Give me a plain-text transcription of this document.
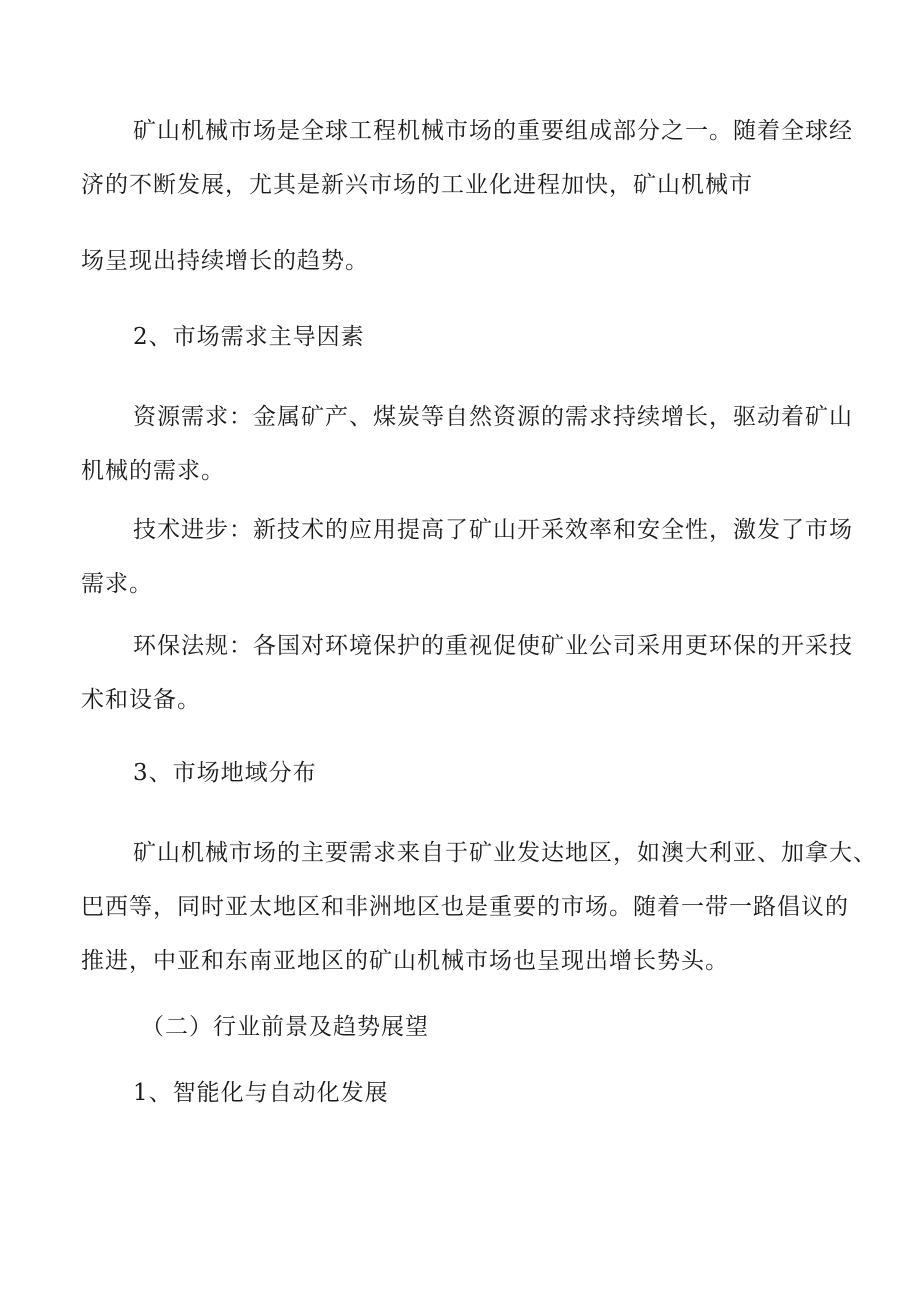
矿山机械市场是全球工程机械市场的重要组成部分之一。随着全球经
济的不断发展，尤其是新兴市场的工业化进程加快，矿山机械市
场呈现出持续增长的趋势。
2、市场需求主导因素
资源需求：金属矿产、煤炭等自然资源的需求持续增长，驱动着矿山
机械的需求。
技术进步：新技术的应用提高了矿山开采效率和安全性，激发了市场
需求。
环保法规：各国对环境保护的重视促使矿业公司采用更环保的开采技
术和设备。
3、市场地域分布
矿山机械市场的主要需求来自于矿业发达地区，如澳大利亚、加拿大、
巴西等，同时亚太地区和非洲地区也是重要的市场。随着一带一路倡议的
推进，中亚和东南亚地区的矿山机械市场也呈现出增长势头。
（二）行业前景及趋势展望
1、智能化与自动化发展
